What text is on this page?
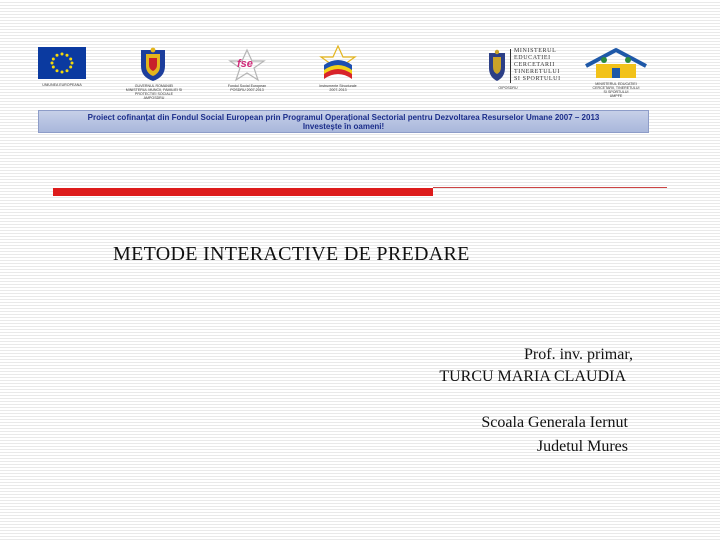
UNIUNEA EUROPEANA	GUVERNUL ROMANIEI
MINISTERUL MUNCII, FAMILIEI SI
PROTECTIEI SOCIALE
AMPOSDRU
fse
Fondul Social European
POSDRU 2007-2013
Instrumente Structurale
2007-2013
MINISTERUL
EDUCATIEI
CERCETARII
TINERETULUI
SI SPORTULUI
OIPOSDRU
MINISTERUL EDUCATIEI
CERCETARII, TINERETULUI
SI SPORTULUI
UMPFE
Proiect cofinanțat din Fondul Social European prin Programul Operațional Sectorial pentru Dezvoltarea Resurselor Umane 2007 – 2013
Investește în oameni!
METODE INTERACTIVE DE PREDARE
Prof. inv. primar,
TURCU MARIA CLAUDIA
Scoala Generala Iernut
Judetul Mures
